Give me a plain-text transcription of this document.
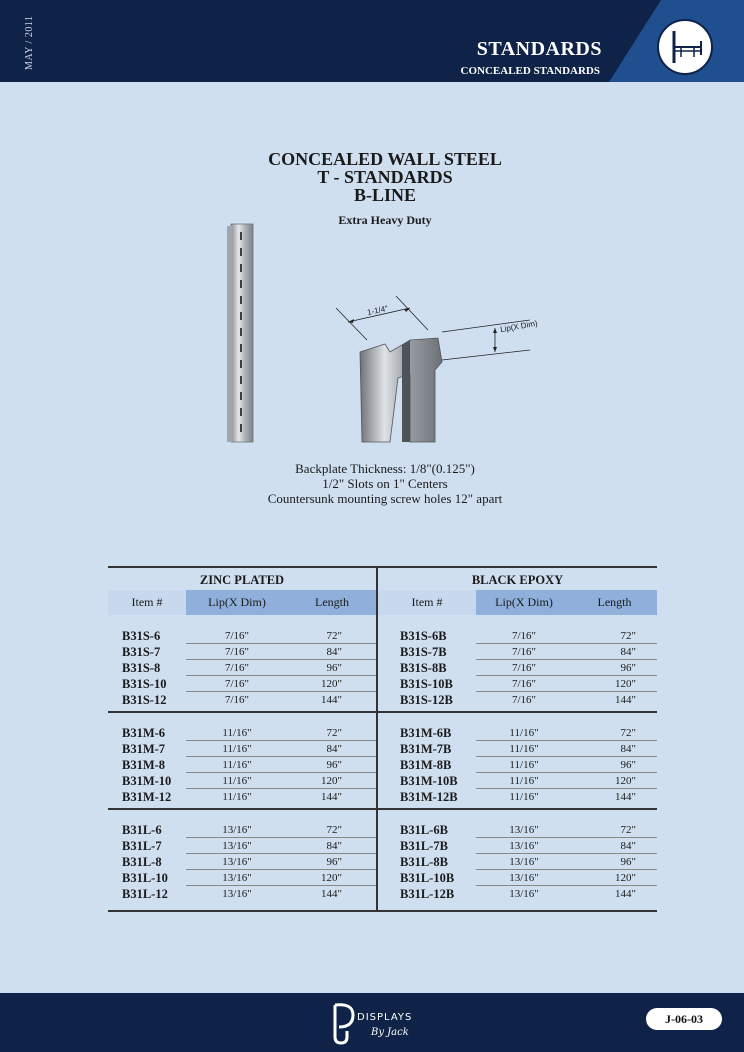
MAY / 2011	STANDARDS
CONCEALED STANDARDS
CONCEALED WALL STEEL
T - STANDARDS
B-LINE
Extra Heavy Duty
1-1/4"
Lip(X Dim)
Backplate Thickness: 1/8"(0.125")
1/2" Slots on 1" Centers
Countersunk mounting screw holes 12" apart
ZINC PLATED	BLACK EPOXY
Item #	Lip(X Dim)	Length	Item #	Lip(X Dim)	Length
B31S-6	7/16"	72"	B31S-6B	7/16"	72"
B31S-7	7/16"	84"	B31S-7B	7/16"	84"
B31S-8	7/16"	96"	B31S-8B	7/16"	96"
B31S-10	7/16"	120"	B31S-10B	7/16"	120"
B31S-12	7/16"	144"	B31S-12B	7/16"	144"
B31M-6	11/16"	72"	B31M-6B	11/16"	72"
B31M-7	11/16"	84"	B31M-7B	11/16"	84"
B31M-8	11/16"	96"	B31M-8B	11/16"	96"
B31M-10	11/16"	120"	B31M-10B	11/16"	120"
B31M-12	11/16"	144"	B31M-12B	11/16"	144"
B31L-6	13/16"	72"	B31L-6B	13/16"	72"
B31L-7	13/16"	84"	B31L-7B	13/16"	84"
B31L-8	13/16"	96"	B31L-8B	13/16"	96"
B31L-10	13/16"	120"	B31L-10B	13/16"	120"
B31L-12	13/16"	144"	B31L-12B	13/16"	144"
DISPLAYS
By Jack
J-06-03
